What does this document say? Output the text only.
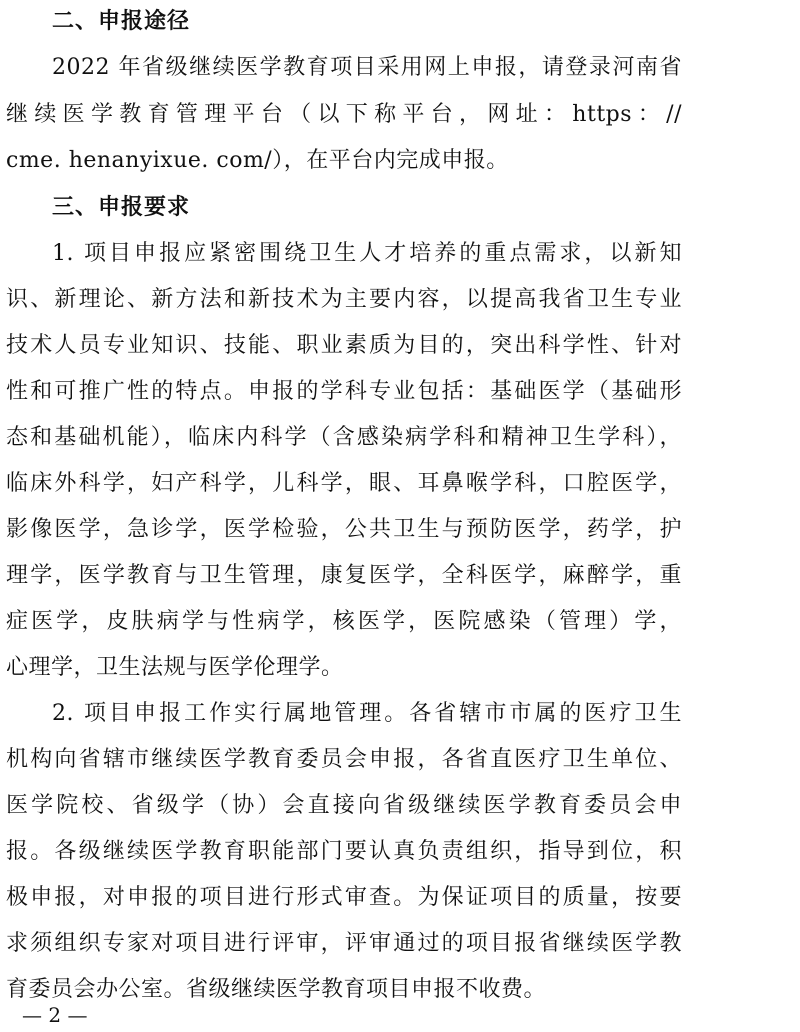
二、申报途径
2022 年省级继续医学教育项目采用网上申报，请登录河南省
继续医学教育管理平台（以下称平台，网址：https：//
cme. henanyixue. com/），在平台内完成申报。
三、申报要求
1. 项目申报应紧密围绕卫生人才培养的重点需求，以新知
识、新理论、新方法和新技术为主要内容，以提高我省卫生专业
技术人员专业知识、技能、职业素质为目的，突出科学性、针对
性和可推广性的特点。申报的学科专业包括：基础医学（基础形
态和基础机能），临床内科学（含感染病学科和精神卫生学科），
临床外科学，妇产科学，儿科学，眼、耳鼻喉学科，口腔医学，
影像医学，急诊学，医学检验，公共卫生与预防医学，药学，护
理学，医学教育与卫生管理，康复医学，全科医学，麻醉学，重
症医学，皮肤病学与性病学，核医学，医院感染（管理）学，
心理学，卫生法规与医学伦理学。
2. 项目申报工作实行属地管理。各省辖市市属的医疗卫生
机构向省辖市继续医学教育委员会申报，各省直医疗卫生单位、
医学院校、省级学（协）会直接向省级继续医学教育委员会申
报。各级继续医学教育职能部门要认真负责组织，指导到位，积
极申报，对申报的项目进行形式审查。为保证项目的质量，按要
求须组织专家对项目进行评审，评审通过的项目报省继续医学教
育委员会办公室。省级继续医学教育项目申报不收费。
— 2 —
